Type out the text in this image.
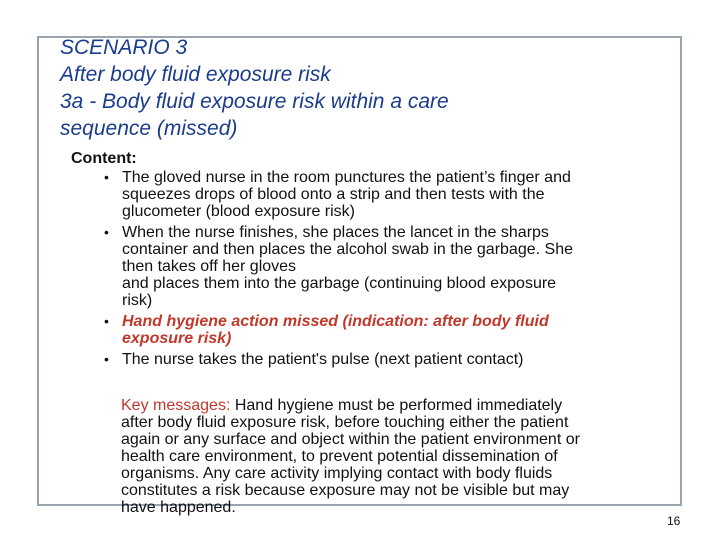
SCENARIO 3
After body fluid exposure risk
3a - Body fluid exposure risk within a care
sequence (missed)
Content:
• The gloved nurse in the room punctures the patient’s finger and
squeezes drops of blood onto a strip and then tests with the
glucometer (blood exposure risk)
• When the nurse finishes, she places the lancet in the sharps
container and then places the alcohol swab in the garbage. She
then takes off her gloves
and places them into the garbage (continuing blood exposure
risk)
• Hand hygiene action missed (indication: after body fluid
exposure risk)
• The nurse takes the patient's pulse (next patient contact)
Key messages: Hand hygiene must be performed immediately
after body fluid exposure risk, before touching either the patient
again or any surface and object within the patient environment or
health care environment, to prevent potential dissemination of
organisms. Any care activity implying contact with body fluids
constitutes a risk because exposure may not be visible but may
have happened.
16
